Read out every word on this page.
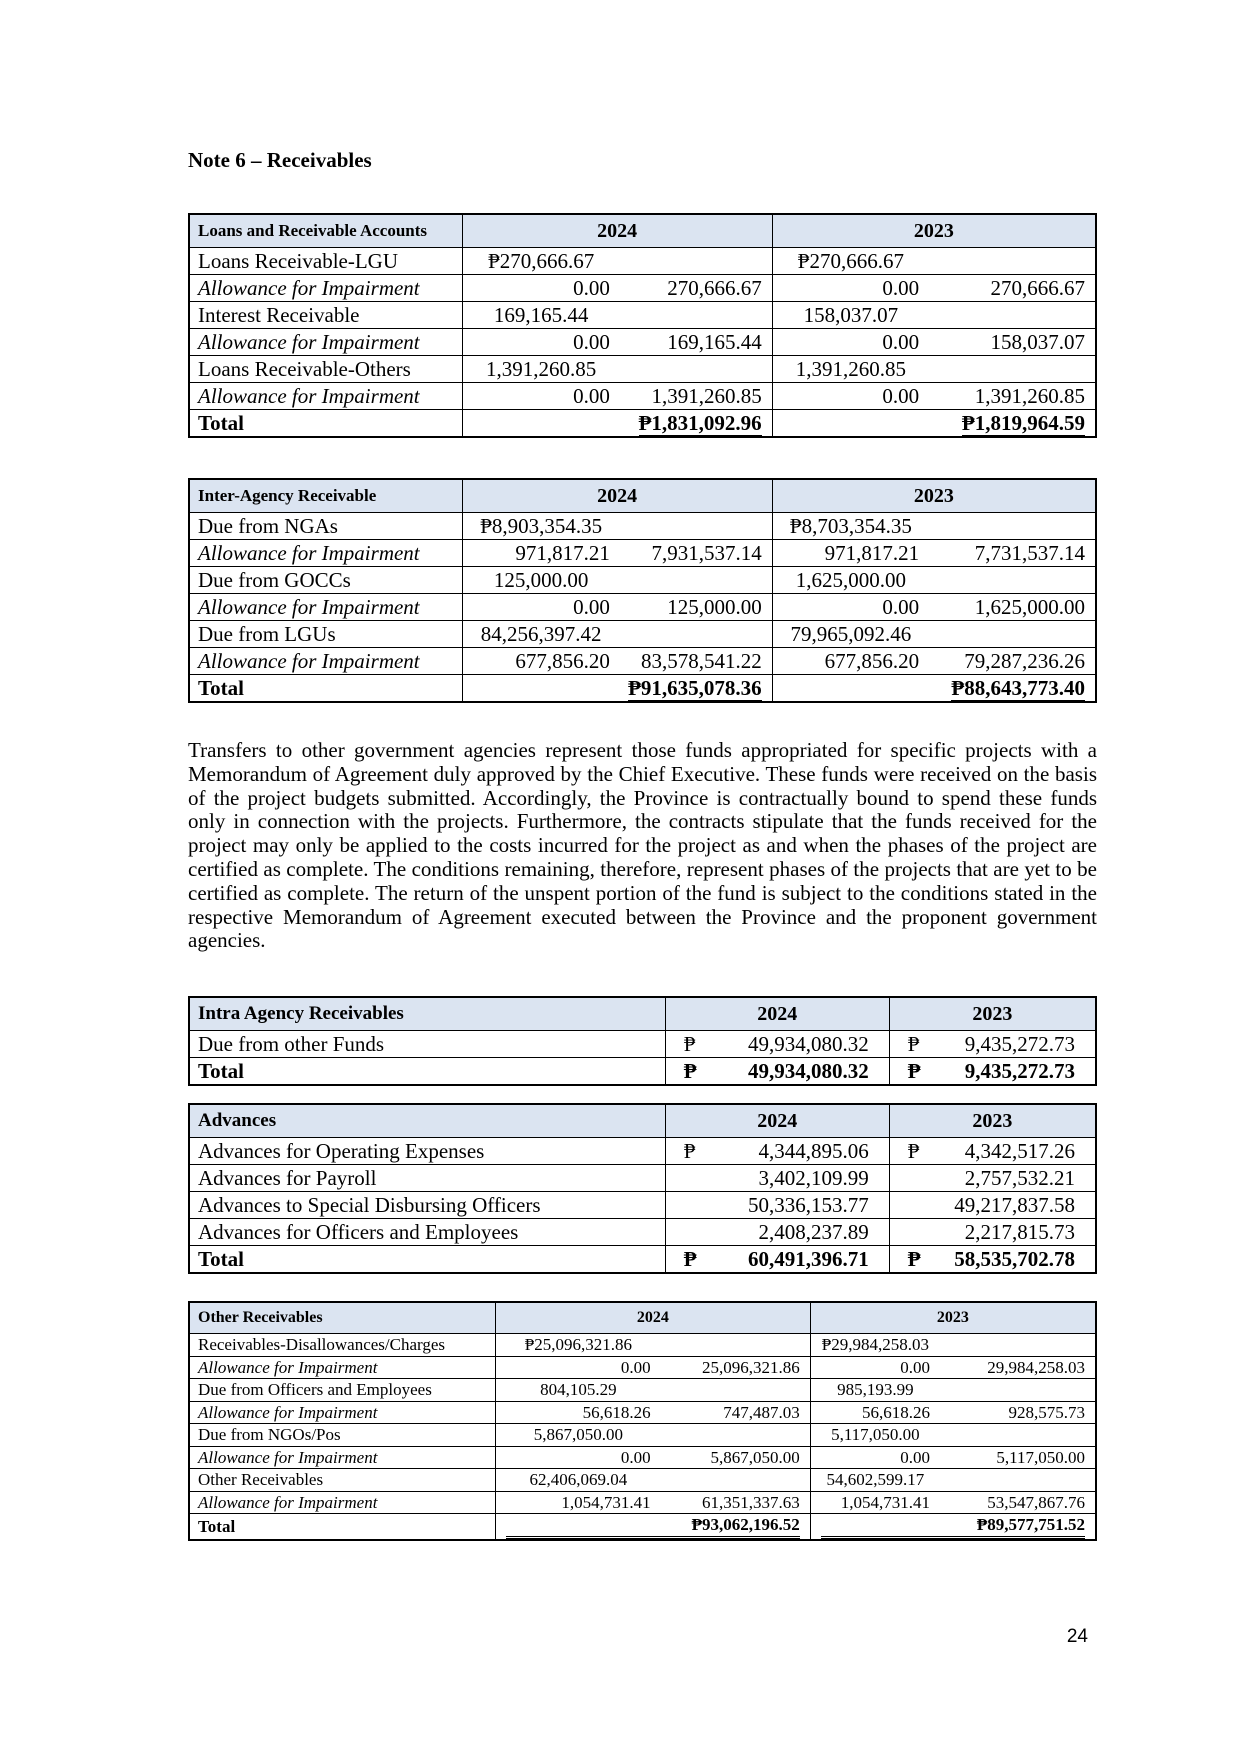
Note 6 – Receivables
Loans and Receivable Accounts	2024		2023	
Loans Receivable-LGU	₱270,666.67		₱270,666.67	
Allowance for Impairment	0.00	270,666.67	0.00	270,666.67
Interest Receivable	169,165.44		158,037.07	
Allowance for Impairment	0.00	169,165.44	0.00	158,037.07
Loans Receivable-Others	1,391,260.85		1,391,260.85	
Allowance for Impairment	0.00	1,391,260.85	0.00	1,391,260.85
Total	₱1,831,092.96		₱1,819,964.59	
Inter-Agency Receivable	2024		2023	
Due from NGAs	₱8,903,354.35		₱8,703,354.35	
Allowance for Impairment	971,817.21	7,931,537.14	971,817.21	7,731,537.14
Due from GOCCs	125,000.00		1,625,000.00	
Allowance for Impairment	0.00	125,000.00	0.00	1,625,000.00
Due from LGUs	84,256,397.42		79,965,092.46	
Allowance for Impairment	677,856.20	83,578,541.22	677,856.20	79,287,236.26
Total	₱91,635,078.36		₱88,643,773.40	

Transfers to other government agencies represent those funds appropriated for specific projects with a Memorandum of Agreement duly approved by the Chief Executive. These funds were received on the basis of the project budgets submitted. Accordingly, the Province is contractually bound to spend these funds only in connection with the projects. Furthermore, the contracts stipulate that the funds received for the project may only be applied to the costs incurred for the project as and when the phases of the project are certified as complete. The conditions remaining, therefore, represent phases of the projects that are yet to be certified as complete. The return of the unspent portion of the fund is subject to the conditions stated in the respective Memorandum of Agreement executed between the Province and the proponent government agencies.

Intra Agency Receivables	2024	2023
Due from other Funds	₱ 49,934,080.32	₱ 9,435,272.73

Total	₱ 49,934,080.32	₱ 9,435,272.73
Advances	2024	2023
Advances for Operating Expenses	₱ 4,344,895.06	₱ 4,342,517.26

Advances for Payroll	3,402,109.99	2,757,532.21

Advances to Special Disbursing Officers	50,336,153.77	49,217,837.58

Advances for Officers and Employees	2,408,237.89	2,217,815.73

Total	₱ 60,491,396.71	₱ 58,535,702.78
Other Receivables	2024		2023	
Receivables-Disallowances/Charges	₱25,096,321.86		₱29,984,258.03	
Allowance for Impairment	0.00	25,096,321.86	0.00	29,984,258.03
Due from Officers and Employees	804,105.29		985,193.99	
Allowance for Impairment	56,618.26	747,487.03	56,618.26	928,575.73
Due from NGOs/Pos	5,867,050.00		5,117,050.00	
Allowance for Impairment	0.00	5,867,050.00	0.00	5,117,050.00
Other Receivables	62,406,069.04		54,602,599.17	
Allowance for Impairment	1,054,731.41	61,351,337.63	1,054,731.41	53,547,867.76
Total	₱93,062,196.52		₱89,577,751.52	
24
